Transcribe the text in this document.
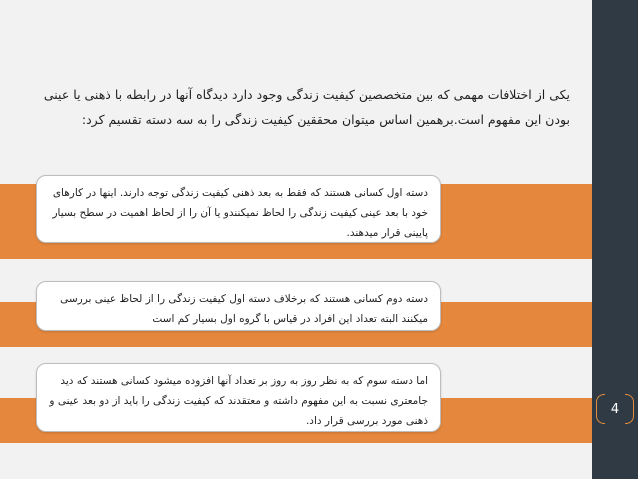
4
یکی از اختلافات مهمی که بین متخصصین کیفیت زندگی وجود دارد دیدگاه آنها در رابطه با ذهنی یا عینی بودن این مفهوم است.برهمین اساس میتوان محققین کیفیت زندگی را به سه دسته تقسیم کرد:
دسته اول کسانی هستند که فقط به بعد ذهنی کیفیت زندگی توجه دارند. اینها در کارهای خود با بعد عینی کیفیت زندگی را لحاظ نمیکنندو یا آن را از لحاظ اهمیت در سطح بسیار پایینی قرار میدهند.
دسته دوم کسانی هستند که برخلاف دسته اول کیفیت زندگی را از لحاظ عینی بررسی میکنند البته تعداد این افراد در قیاس با گروه اول بسیار کم است
اما دسته سوم که به نظر روز به روز بر تعداد آنها افزوده میشود کسانی هستند که دید جامعتری نسبت به این مفهوم داشته و معتقدند که کیفیت زندگی را باید از دو بعد عینی و ذهنی مورد بررسی قرار داد.
